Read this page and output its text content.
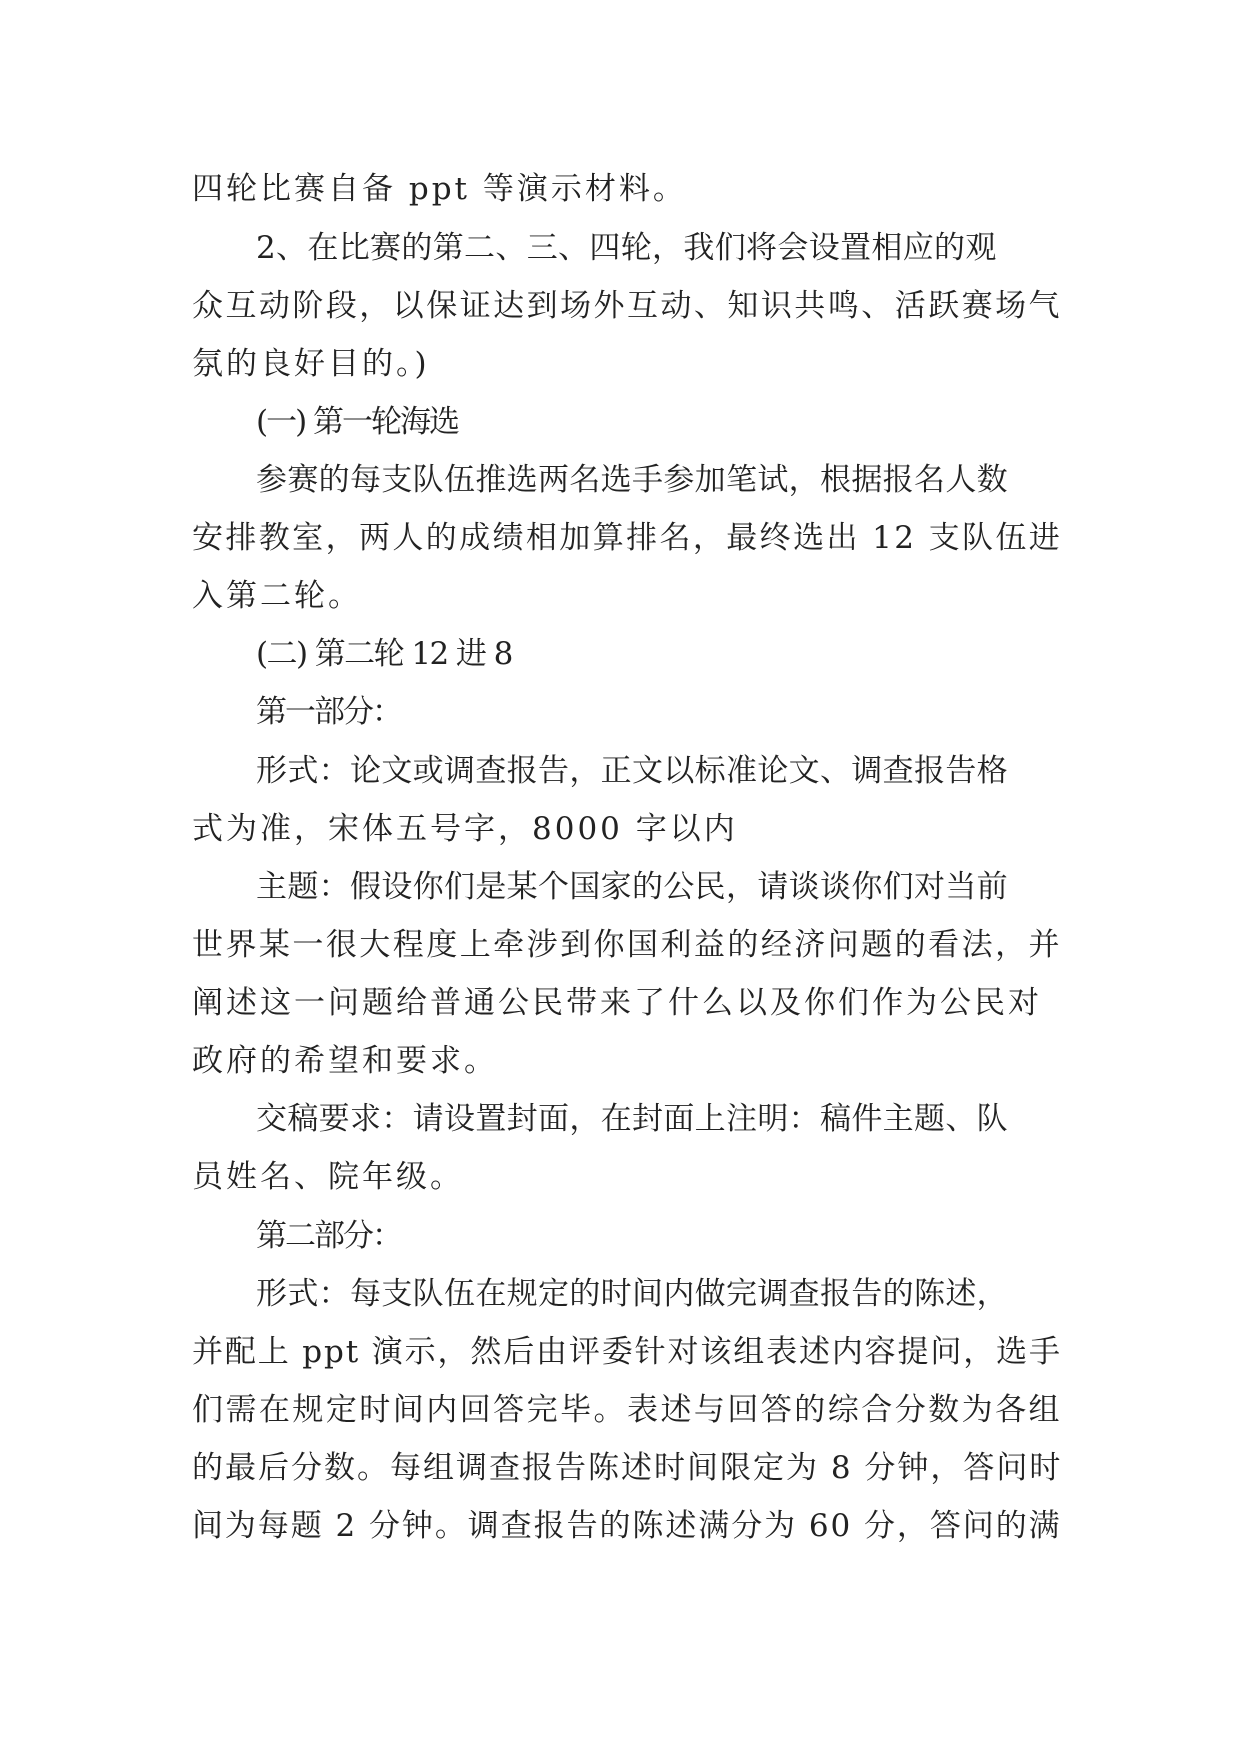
四轮比赛自备 ppt 等演示材料。
2、在比赛的第二、三、四轮，我们将会设置相应的观
众互动阶段，以保证达到场外互动、知识共鸣、活跃赛场气
氛的良好目的。)
(一) 第一轮海选
参赛的每支队伍推选两名选手参加笔试，根据报名人数
安排教室，两人的成绩相加算排名，最终选出 12 支队伍进
入第二轮。
(二) 第二轮 12 进 8
第一部分：
形式：论文或调查报告，正文以标准论文、调查报告格
式为准，宋体五号字，8000 字以内
主题：假设你们是某个国家的公民，请谈谈你们对当前
世界某一很大程度上牵涉到你国利益的经济问题的看法，并
阐述这一问题给普通公民带来了什么以及你们作为公民对
政府的希望和要求。
交稿要求：请设置封面，在封面上注明：稿件主题、队
员姓名、院年级。
第二部分：
形式：每支队伍在规定的时间内做完调查报告的陈述，
并配上 ppt 演示，然后由评委针对该组表述内容提问，选手
们需在规定时间内回答完毕。表述与回答的综合分数为各组
的最后分数。每组调查报告陈述时间限定为 8 分钟，答问时
间为每题 2 分钟。调查报告的陈述满分为 60 分，答问的满
